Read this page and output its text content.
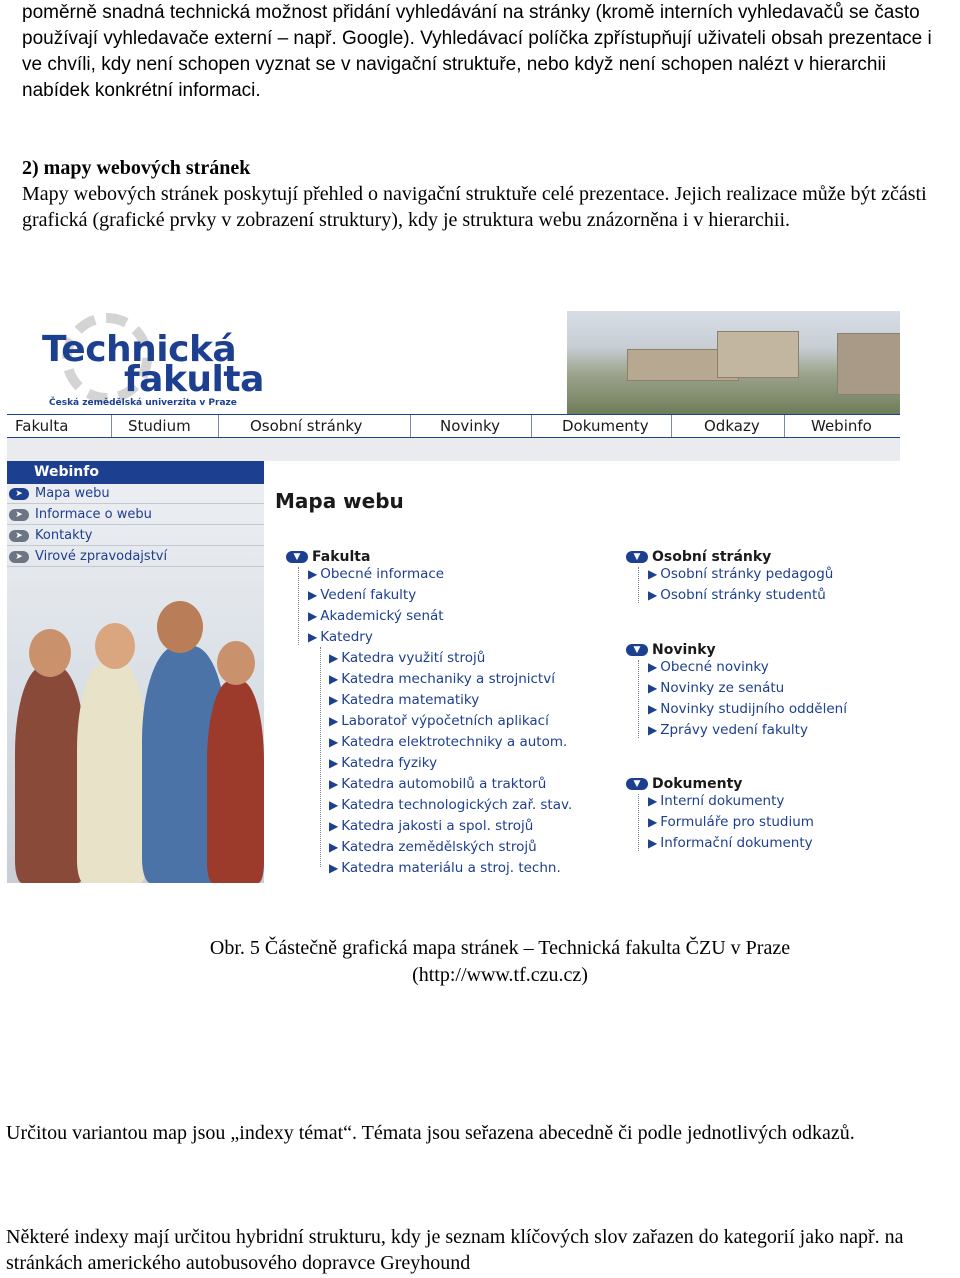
poměrně snadná technická možnost přidání vyhledávání na stránky (kromě interních vyhledavačů se často používají vyhledavače externí – např. Google). Vyhledávací políčka zpřístupňují uživateli obsah prezentace i ve chvíli, kdy není schopen vyznat se v navigační struktuře, nebo když není schopen nalézt v hierarchii nabídek konkrétní informaci.

2) mapy webových stránek
Mapy webových stránek poskytují přehled o navigační struktuře celé prezentace. Jejich realizace může být zčásti grafická (grafické prvky v zobrazení struktury), kdy je struktura webu znázorněna i v hierarchii.
Technická
fakulta
Česká zemědělská univerzita v Praze
Fakulta	Studium	Osobní stránky	Novinky	Dokumenty	Odkazy	Webinfo
Webinfo
➤ Mapa webu
➤ Informace o webu
➤ Kontakty
➤ Virové zpravodajství
Mapa webu
▼ Fakulta
▶ Obecné informace
▶ Vedení fakulty
▶ Akademický senát
▶ Katedry
▶ Katedra využití strojů
▶ Katedra mechaniky a strojnictví
▶ Katedra matematiky
▶ Laboratoř výpočetních aplikací
▶ Katedra elektrotechniky a autom.
▶ Katedra fyziky
▶ Katedra automobilů a traktorů
▶ Katedra technologických zař. stav.
▶ Katedra jakosti a spol. strojů
▶ Katedra zemědělských strojů
▶ Katedra materiálu a stroj. techn.
▼ Osobní stránky
▶ Osobní stránky pedagogů
▶ Osobní stránky studentů
▼ Novinky
▶ Obecné novinky
▶ Novinky ze senátu
▶ Novinky studijního oddělení
▶ Zprávy vedení fakulty
▼ Dokumenty
▶ Interní dokumenty
▶ Formuláře pro studium
▶ Informační dokumenty
Obr. 5 Částečně grafická mapa stránek – Technická fakulta ČZU v Praze
(http://www.tf.czu.cz)

Určitou variantou map jsou „indexy témat“. Témata jsou seřazena abecedně či podle jednotlivých odkazů.

Některé indexy mají určitou hybridní strukturu, kdy je seznam klíčových slov zařazen do kategorií jako např. na stránkách amerického autobusového dopravce Greyhound
